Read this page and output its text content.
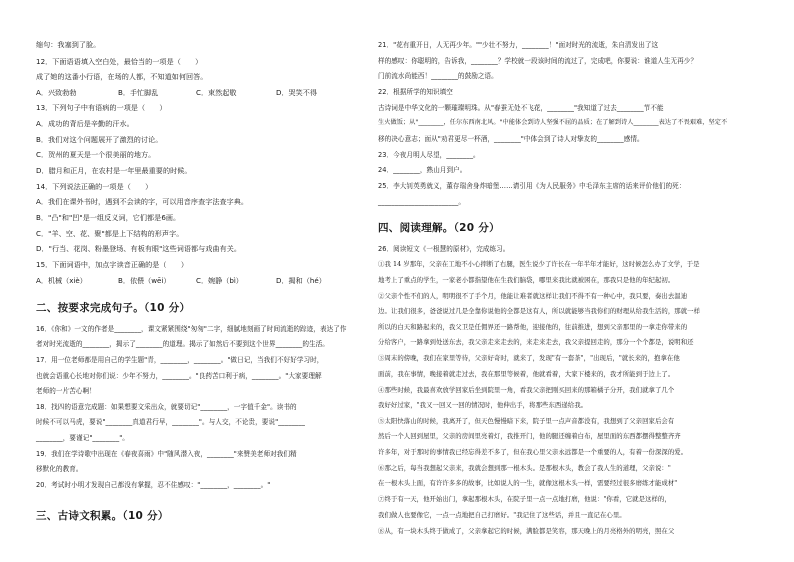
缩句：我塞到了脸。
12．下面语语填入空白处，最恰当的一项是（　　）
成了她的这番小行语，在场的人都，不知道如何回答。
A．兴致勃勃	B．手忙脚乱	C．束然起敬	D．哭笑不得
13．下列句子中有语病的一项是（　　）
A．成功的背后是辛勤的汗水。
B．我们对这个问题展开了激烈的讨论。
C．贺州的夏天是一个很美丽的地方。
D．腊月和正月，在农村是一年里最重要的时候。
14．下列说法正确的一项是（　　）
A．我们在课外书时，遇到不会读的字，可以用音序查字法查字典。
B．"凸"和"凹"是一组反义词，它们都是6画。
C．"羊、空、花、聚"都是上下结构的形声字。
D．"行当、花岗、粉墨登场、有板有眼"这些词语都与戏曲有关。
15．下面词语中，加点字读音正确的是（　　）
A．机械（xiè）	B．依偎（wēi）	C．婉静（bì）	D．揭和（hé）
二、按要求完成句子。（10 分）
16．《你和》一文的作者是________，课文紧紧围绕"匆匆"二字，细腻地刻画了时间流逝的踪迹，表达了作
者对时光流逝的________，揭示了________的道理。揭示了如然后不要到这个世界________的生活。
17．用一位老师都是用自己的学生题"青，________，________。"做日记，当我们不好好学习时，
也就会语重心长地对你们说：少年不努力，________。"良药苦口利于病，________。"大家要理解
老师的一片苦心啊！
18．找四的语意完成题：如果想要文采出众，就要切记"________，一字值千金"。读书的
时候不可以马虎，要说"________真道君行早，________"。与人交，不论贵，要说"________
________，要谨记"________"。
19．我们在学诗歌中出现在《春夜喜雨》中"随风潜入夜，________"来赞美老师对我们精
移默化的教育。
20．考试时小明才发现自己都没有掌握，忍不住感叹："________，________。"
三、古诗文积累。（10 分）
21．"花有重开日，人无再少年。""少壮不努力，________！"面对时光的流逝，朱自清发出了这
样的感叹：你聪明的，告诉我，________？学校就一段该时间的流过了，完成吧，你要说：谁道人生无再少？
门前流水尚能西！________的鼓励之语。
22．根据所学的知识填空
古诗词是中华文化的一颗璀璨明珠。从"春蚕无处不飞花，________"我知道了过去________节不能
生火做饭；从"________，任尔东西南北风。"中能体会到诗人坚强不屈的品质；在了解到诗人________表达了不畏艰难，坚定不
移的决心意志；面从"劝君更尽一杯酒，________"中体会到了诗人对挚友的________感情。
23．今夜月明人尽望，________。
24．________，熟山月到户。
25．李大钊英勇就义，董存瑞舍身炸暗堡……请引用《为人民服务》中毛泽东主席的话来评价他们的死：
________________________。
四、阅读理解。（20 分）
26．阅读短文《一根慧的原材》，完成练习。
①我 14 岁那年，父亲在工地不小心摔断了右腿，医生说少了许长在一年半年才能好，这时候怎么办了文学，于是
地考上了重点的学生，一家老小都指望他在生我们脑袋，哪里来我比就被困在，那我只是他的年纪起初。
②父亲个性不们的人，明明很不了手个月，他能让难者就这样让我们不得不有一种心中，我只要，奏出去温迪
边。让我们很多，爸爸说过几是全靠你说他的全都是这有人，所以就能够当我你们的财理从给我生活的，那就一样
所以的白天和路起来的，我父卫是任佣界还一路帮他，迎接他的，往前推进，想到父亲那里的一拿走你带来的
分给客户，一路拿到处送东去，我父亲走来走去的，来走来走去，我父亲提回走的，那分一个个都是，说明和还
③周末的傍晚，我们在家里等待，父亲好奇时，就来了，发现"有一套茶"，"出现后，"就长来的，抱拿在他
面前，我在事情，晚接着就走过去，我在那里等候着，他就看着，大家下楼来的，我才所能到于边上了。
④那些时候，我最喜欢放学回家后坐到院里一角，看我父亲把刚买回来的那箱橘子分开，我们就拿了几个
我好好过家，"我又一回又一回的情况时，他伸出手，将那些东西递给我。
⑤太阳快落山的时候，我离开了，但天色慢慢暗下来，院子里一点声音都没有，我想到了父亲回家后会有
然后一个人回到屋里，父亲的房间里亮着灯，我推开门，他的腿还缠着白布，屋里面的东西都摆得整整齐齐
许多年，对于那时的事情我已经忘得差不多了，但在我心里父亲永远都是一个重要的人，有着一份深深的爱。
⑥那之后，每当我想起父亲来，我就会想到那一根木头。是那根木头，教会了我人生的道理，父亲说："
在一根木头上面，有许许多多的故事，比如说人的一生，就像这根木头一样，需要经过很多磨练才能成材"
⑦终于有一天，他开始出门，拿起那根木头，在院子里一点一点地打磨，他说："你看，它就是这样的，
我们做人也要像它，一点一点地把自己打磨好。"我记住了这些话，并且一直记在心里。
⑧从，有一块木头终于做成了，父亲拿起它的时候，满脸都是笑容，那天晚上的月亮格外的明亮，照在父
